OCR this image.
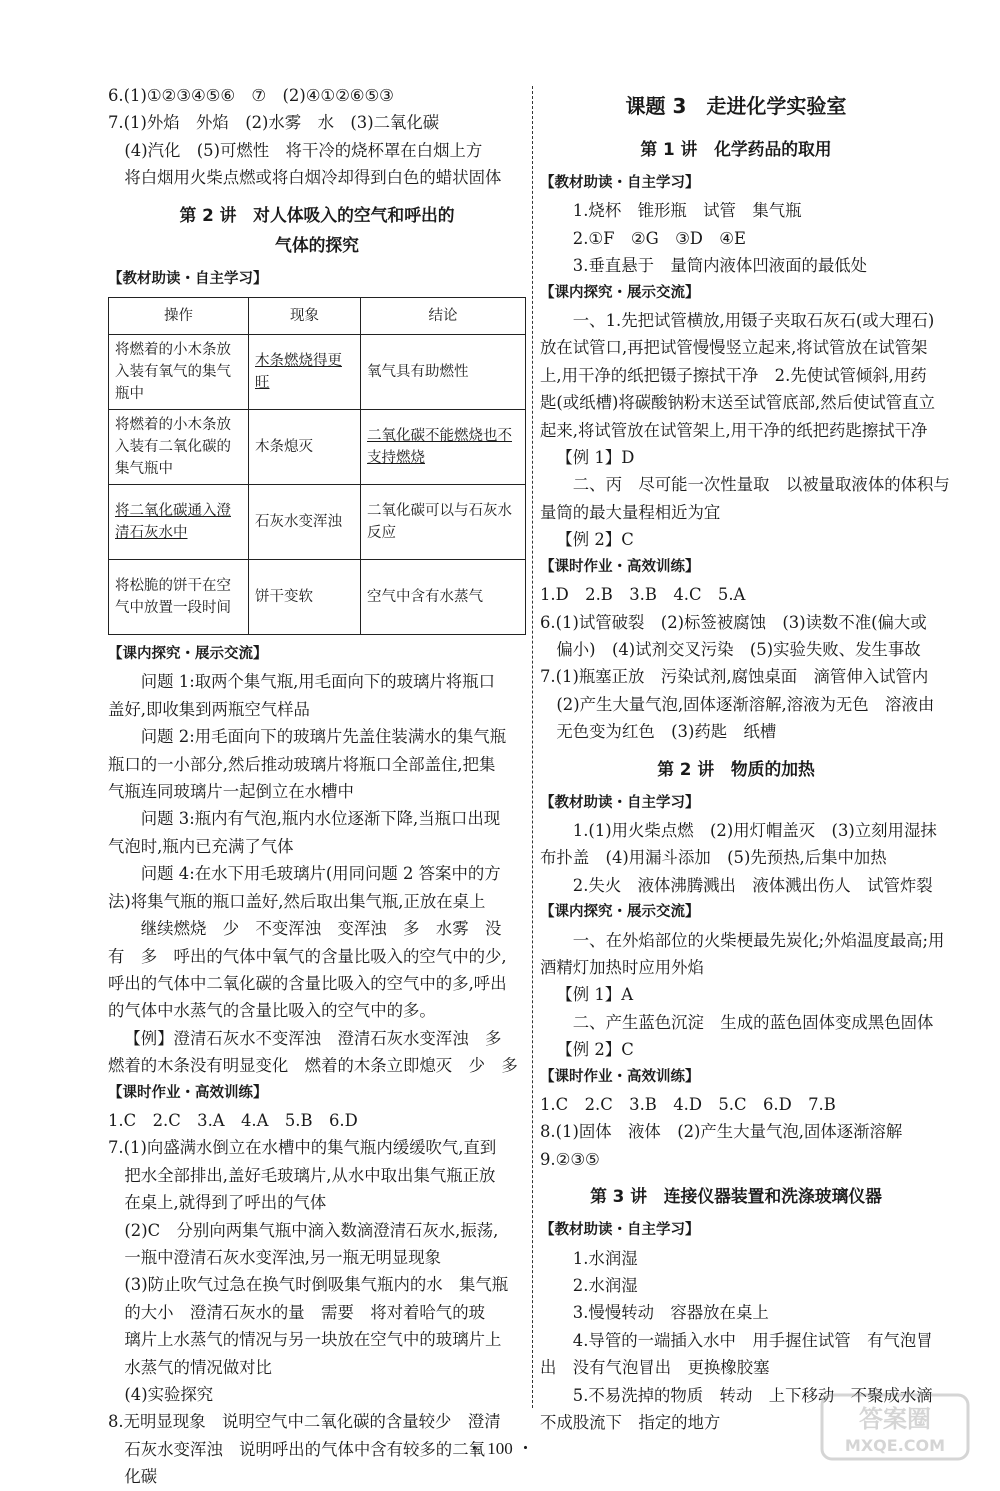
6.(1)①②③④⑤⑥　⑦　(2)④①②⑥⑤③
7.(1)外焰　外焰　(2)水雾　水　(3)二氧化碳
　(4)汽化　(5)可燃性　将干冷的烧杯罩在白烟上方
　将白烟用火柴点燃或将白烟冷却得到白色的蜡状固体
第 2 讲　对人体吸入的空气和呼出的
气体的探究
【教材助读・自主学习】
操作	现象	结论
将燃着的小木条放入装有氧气的集气瓶中	木条燃烧得更旺	氧气具有助燃性
将燃着的小木条放入装有二氧化碳的集气瓶中	木条熄灭	二氧化碳不能燃烧也不支持燃烧
将二氧化碳通入澄清石灰水中	石灰水变浑浊	二氧化碳可以与石灰水反应
将松脆的饼干在空气中放置一段时间	饼干变软	空气中含有水蒸气
【课内探究・展示交流】
问题 1:取两个集气瓶,用毛面向下的玻璃片将瓶口
盖好,即收集到两瓶空气样品
问题 2:用毛面向下的玻璃片先盖住装满水的集气瓶
瓶口的一小部分,然后推动玻璃片将瓶口全部盖住,把集
气瓶连同玻璃片一起倒立在水槽中
问题 3:瓶内有气泡,瓶内水位逐渐下降,当瓶口出现
气泡时,瓶内已充满了气体
问题 4:在水下用毛玻璃片(用同问题 2 答案中的方
法)将集气瓶的瓶口盖好,然后取出集气瓶,正放在桌上
继续燃烧　少　不变浑浊　变浑浊　多　水雾　没
有　多　呼出的气体中氧气的含量比吸入的空气中的少,
呼出的气体中二氧化碳的含量比吸入的空气中的多,呼出
的气体中水蒸气的含量比吸入的空气中的多。
【例】澄清石灰水不变浑浊　澄清石灰水变浑浊　多
燃着的木条没有明显变化　燃着的木条立即熄灭　少　多
【课时作业・高效训练】
1.C　2.C　3.A　4.A　5.B　6.D
7.(1)向盛满水倒立在水槽中的集气瓶内缓缓吹气,直到
　把水全部排出,盖好毛玻璃片,从水中取出集气瓶正放
　在桌上,就得到了呼出的气体
　(2)C　分别向两集气瓶中滴入数滴澄清石灰水,振荡,
　一瓶中澄清石灰水变浑浊,另一瓶无明显现象
　(3)防止吹气过急在换气时倒吸集气瓶内的水　集气瓶
　的大小　澄清石灰水的量　需要　将对着哈气的玻
　璃片上水蒸气的情况与另一块放在空气中的玻璃片上
　水蒸气的情况做对比
　(4)实验探究
8.无明显现象　说明空气中二氧化碳的含量较少　澄清
　石灰水变浑浊　说明呼出的气体中含有较多的二氧
　化碳
课题 3　走进化学实验室
第 1 讲　化学药品的取用
【教材助读・自主学习】
1.烧杯　锥形瓶　试管　集气瓶
2.①F　②G　③D　④E
3.垂直悬于　量筒内液体凹液面的最低处
【课内探究・展示交流】
一、1.先把试管横放,用镊子夹取石灰石(或大理石)
放在试管口,再把试管慢慢竖立起来,将试管放在试管架
上,用干净的纸把镊子擦拭干净　2.先使试管倾斜,用药
匙(或纸槽)将碳酸钠粉末送至试管底部,然后使试管直立
起来,将试管放在试管架上,用干净的纸把药匙擦拭干净
【例 1】D
二、丙　尽可能一次性量取　以被量取液体的体积与
量筒的最大量程相近为宜
【例 2】C
【课时作业・高效训练】
1.D　2.B　3.B　4.C　5.A
6.(1)试管破裂　(2)标签被腐蚀　(3)读数不准(偏大或
　偏小)　(4)试剂交叉污染　(5)实验失败、发生事故
7.(1)瓶塞正放　污染试剂,腐蚀桌面　滴管伸入试管内
　(2)产生大量气泡,固体逐渐溶解,溶液为无色　溶液由
　无色变为红色　(3)药匙　纸槽
第 2 讲　物质的加热
【教材助读・自主学习】
1.(1)用火柴点燃　(2)用灯帽盖灭　(3)立刻用湿抹
布扑盖　(4)用漏斗添加　(5)先预热,后集中加热
2.失火　液体沸腾溅出　液体溅出伤人　试管炸裂
【课内探究・展示交流】
一、在外焰部位的火柴梗最先炭化;外焰温度最高;用
酒精灯加热时应用外焰
【例 1】A
二、产生蓝色沉淀　生成的蓝色固体变成黑色固体
【例 2】C
【课时作业・高效训练】
1.C　2.C　3.B　4.D　5.C　6.D　7.B
8.(1)固体　液体　(2)产生大量气泡,固体逐渐溶解
9.②③⑤
第 3 讲　连接仪器装置和洗涤玻璃仪器
【教材助读・自主学习】
1.水润湿
2.水润湿
3.慢慢转动　容器放在桌上
4.导管的一端插入水中　用手握住试管　有气泡冒
出　没有气泡冒出　更换橡胶塞
5.不易洗掉的物质　转动　上下移动　不聚成水滴
不成股流下　指定的地方
・ 100 ・
答案圈
MXQE.COM
